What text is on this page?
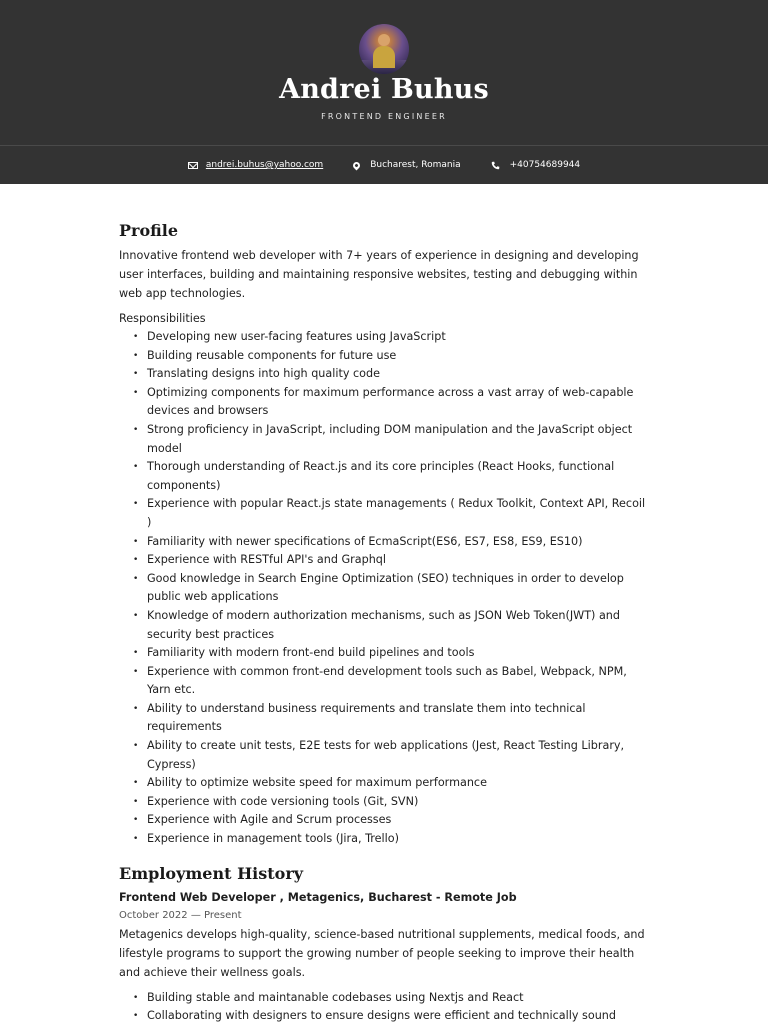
Andrei Buhus
FRONTEND ENGINEER
andrei.buhus@yahoo.com	Bucharest, Romania	+40754689944
Profile

Innovative frontend web developer with 7+ years of experience in designing and developing user interfaces, building and maintaining responsive websites, testing and debugging within web app technologies.

Responsibilities
• Developing new user-facing features using JavaScript
• Building reusable components for future use
• Translating designs into high quality code
• Optimizing components for maximum performance across a vast array of web-capable devices and browsers
• Strong proficiency in JavaScript, including DOM manipulation and the JavaScript object model
• Thorough understanding of React.js and its core principles (React Hooks, functional components)
• Experience with popular React.js state managements ( Redux Toolkit, Context API, Recoil )
• Familiarity with newer specifications of EcmaScript(ES6, ES7, ES8, ES9, ES10)
• Experience with RESTful API's and Graphql
• Good knowledge in Search Engine Optimization (SEO) techniques in order to develop public web applications
• Knowledge of modern authorization mechanisms, such as JSON Web Token(JWT) and security best practices
• Familiarity with modern front-end build pipelines and tools
• Experience with common front-end development tools such as Babel, Webpack, NPM, Yarn etc.
• Ability to understand business requirements and translate them into technical requirements
• Ability to create unit tests, E2E tests for web applications (Jest, React Testing Library, Cypress)
• Ability to optimize website speed for maximum performance
• Experience with code versioning tools (Git, SVN)
• Experience with Agile and Scrum processes
• Experience in management tools (Jira, Trello)
Employment History
Frontend Web Developer , Metagenics, Bucharest - Remote Job
October 2022 — Present

Metagenics develops high-quality, science-based nutritional supplements, medical foods, and lifestyle programs to support the growing number of people seeking to improve their health and achieve their wellness goals.

• Building stable and maintanable codebases using Nextjs and React
• Collaborating with designers to ensure designs were efficient and technically sound
